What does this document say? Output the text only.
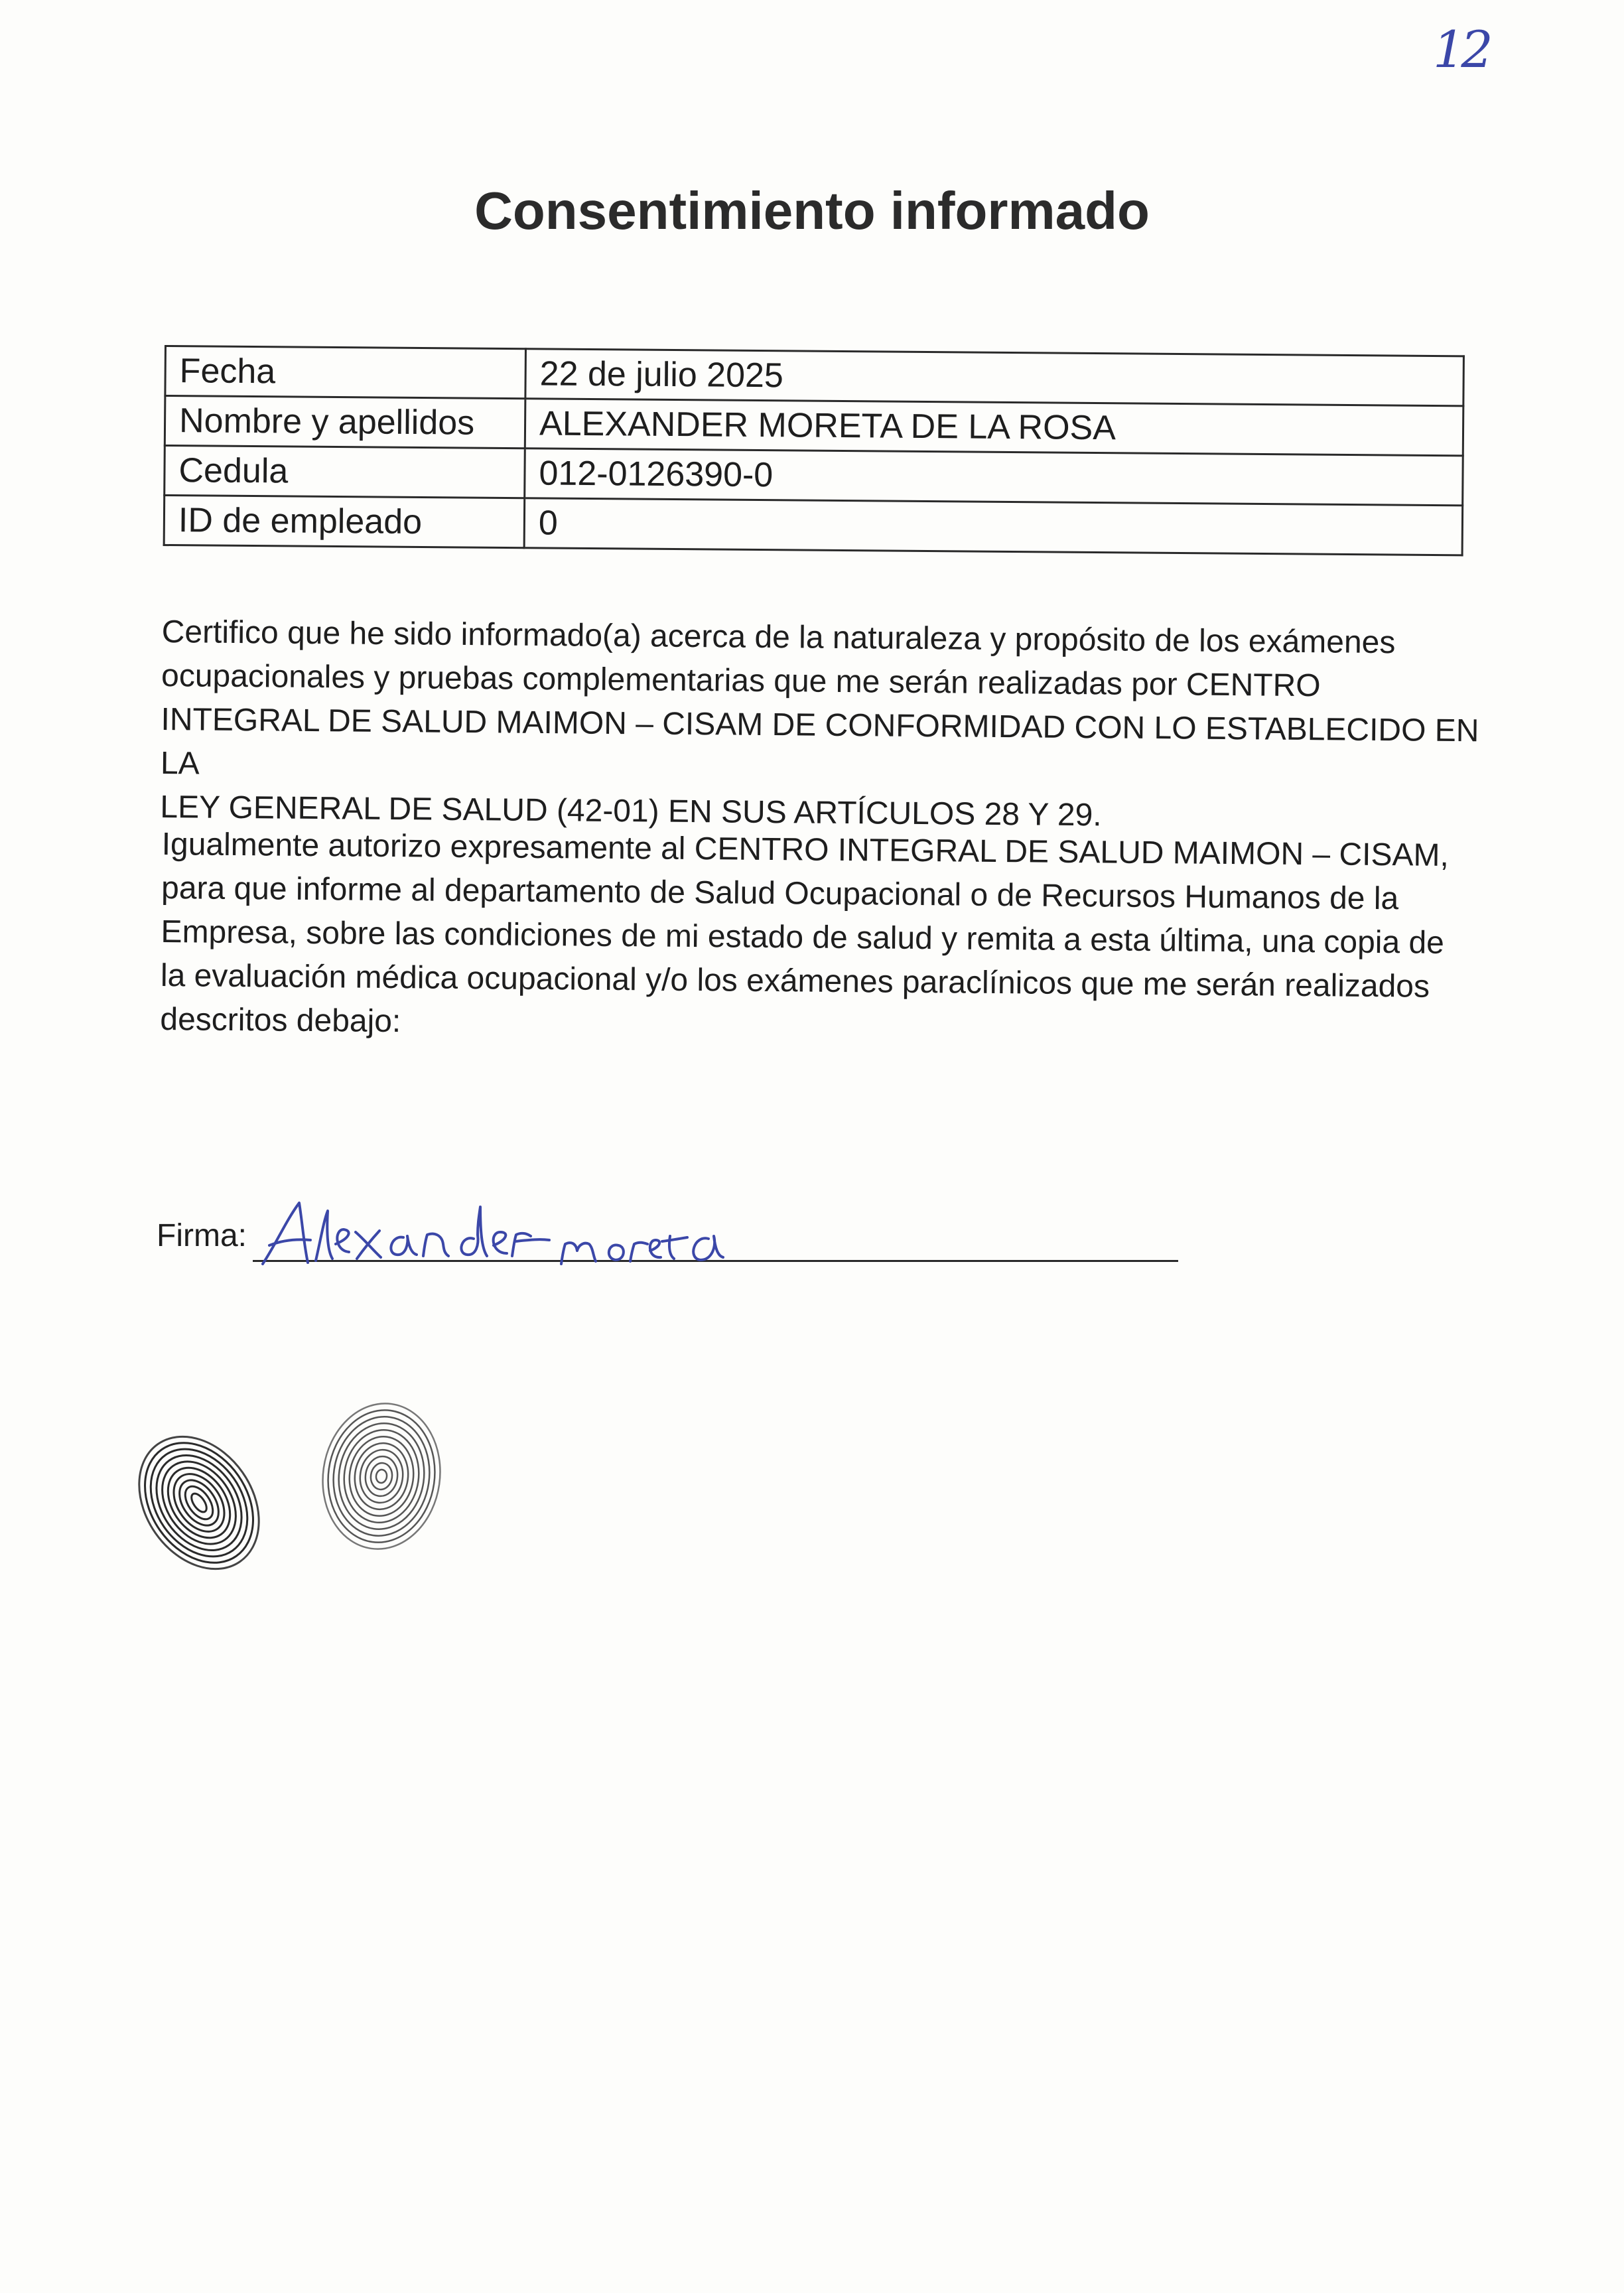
12
Consentimiento informado
Fecha	22 de julio 2025
Nombre y apellidos	ALEXANDER MORETA DE LA ROSA
Cedula	012-0126390-0
ID de empleado	0
Certifico que he sido informado(a) acerca de la naturaleza y propósito de los exámenes
ocupacionales y pruebas complementarias que me serán realizadas por CENTRO
INTEGRAL DE SALUD MAIMON – CISAM DE CONFORMIDAD CON LO ESTABLECIDO EN LA
LEY GENERAL DE SALUD (42-01) EN SUS ARTÍCULOS 28 Y 29.
Igualmente autorizo expresamente al CENTRO INTEGRAL DE SALUD MAIMON – CISAM,
para que informe al departamento de Salud Ocupacional o de Recursos Humanos de la
Empresa, sobre las condiciones de mi estado de salud y remita a esta última, una copia de
la evaluación médica ocupacional y/o los exámenes paraclínicos que me serán realizados
descritos debajo:
Firma:
